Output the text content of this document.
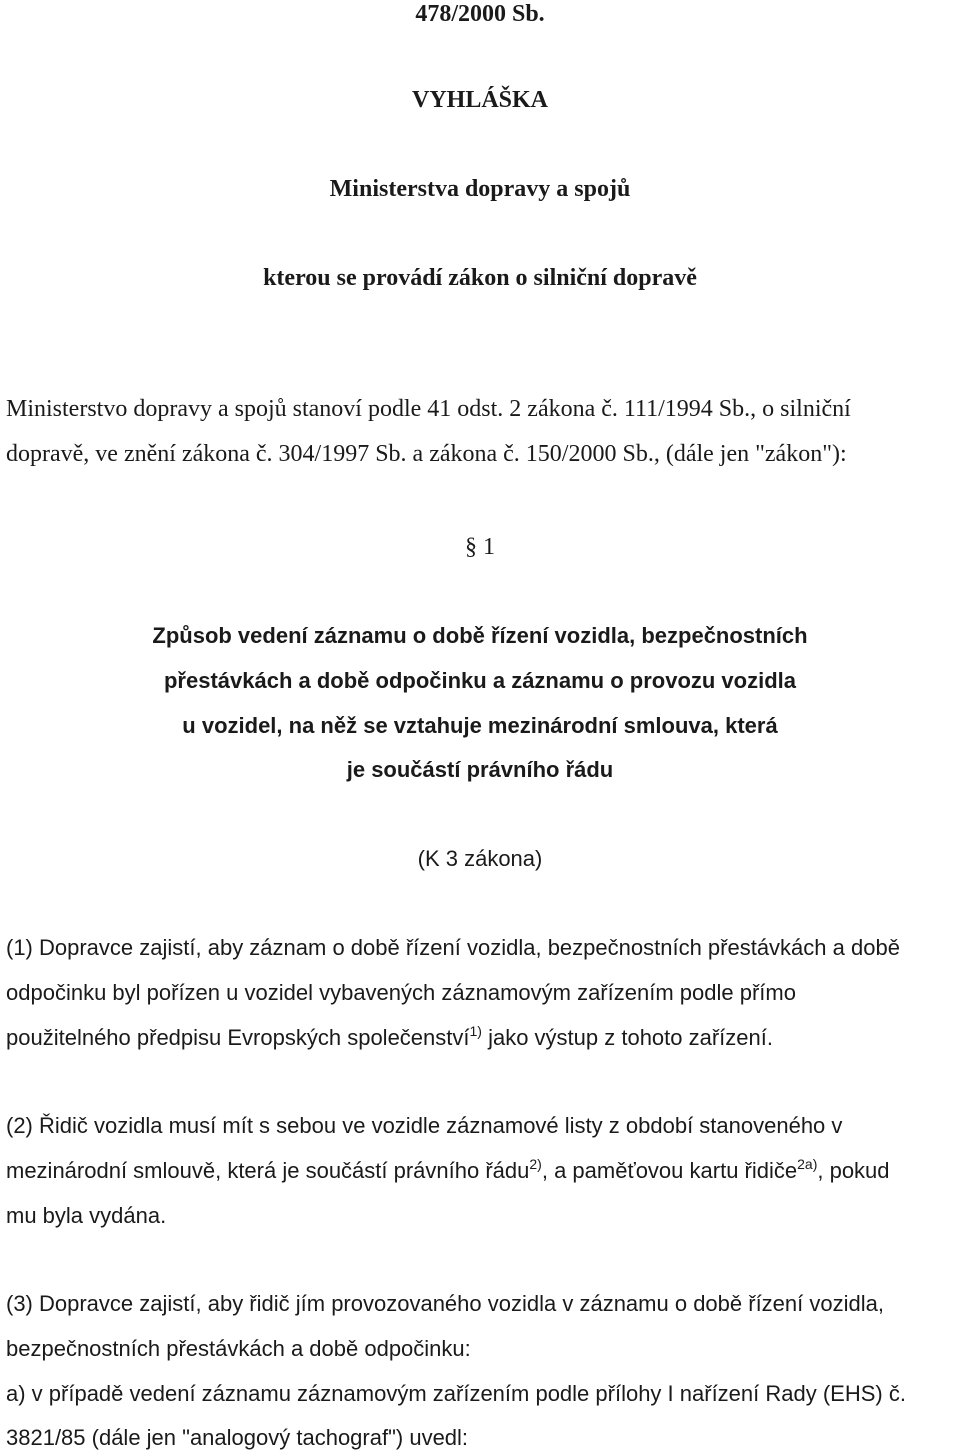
478/2000 Sb.
VYHLÁŠKA
Ministerstva dopravy a spojů
kterou se provádí zákon o silniční dopravě
Ministerstvo dopravy a spojů stanoví podle 41 odst. 2 zákona č. 111/1994 Sb., o silniční
dopravě, ve znění zákona č. 304/1997 Sb. a zákona č. 150/2000 Sb., (dále jen "zákon"):
§ 1
Způsob vedení záznamu o době řízení vozidla, bezpečnostních
přestávkách a době odpočinku a záznamu o provozu vozidla
u vozidel, na něž se vztahuje mezinárodní smlouva, která
je součástí právního řádu
(K 3 zákona)
(1) Dopravce zajistí, aby záznam o době řízení vozidla, bezpečnostních přestávkách a době
odpočinku byl pořízen u vozidel vybavených záznamovým zařízením podle přímo
použitelného předpisu Evropských společenství$^{1)}$ jako výstup z tohoto zařízení.
(2) Řidič vozidla musí mít s sebou ve vozidle záznamové listy z období stanoveného v
mezinárodní smlouvě, která je součástí právního řádu$^{2)}$, a paměťovou kartu řidiče$^{2a)}$, pokud
mu byla vydána.
(3) Dopravce zajistí, aby řidič jím provozovaného vozidla v záznamu o době řízení vozidla,
bezpečnostních přestávkách a době odpočinku:
a) v případě vedení záznamu záznamovým zařízením podle přílohy I nařízení Rady (EHS) č.
3821/85 (dále jen "analogový tachograf") uvedl:
